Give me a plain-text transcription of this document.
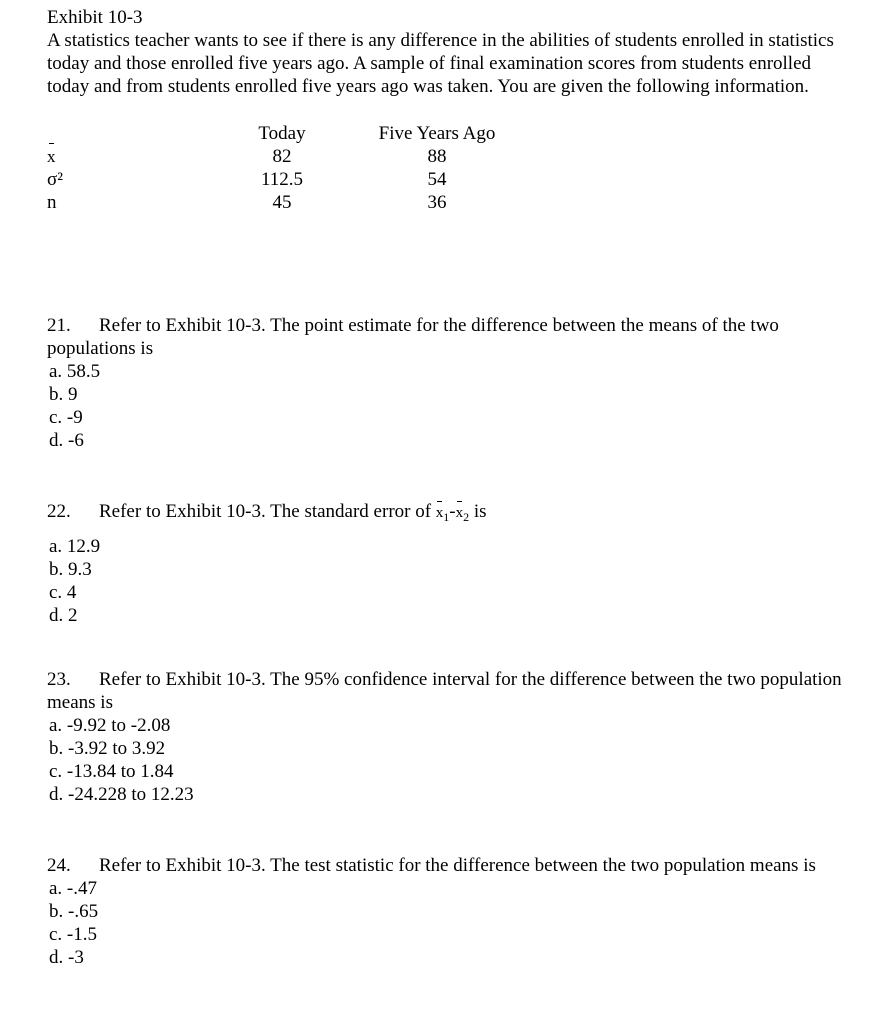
Exhibit 10-3

A statistics teacher wants to see if there is any difference in the abilities of students enrolled in statistics today and those enrolled five years ago. A sample of final examination scores from students enrolled today and from students enrolled five years ago was taken. You are given the following information.

x
σ²
n
Today
82
112.5
45
Five Years Ago
88
54
36

21. Refer to Exhibit 10-3. The point estimate for the difference between the means of the two populations is

a. 58.5
b. 9
c. -9
d. -6

22. Refer to Exhibit 10-3. The standard error of $x_1-x_2$ is

a. 12.9
b. 9.3
c. 4
d. 2

23. Refer to Exhibit 10-3. The 95% confidence interval for the difference between the two population means is

a. -9.92 to -2.08
b. -3.92 to 3.92
c. -13.84 to 1.84
d. -24.228 to 12.23

24. Refer to Exhibit 10-3. The test statistic for the difference between the two population means is

a. -.47
b. -.65
c. -1.5
d. -3
